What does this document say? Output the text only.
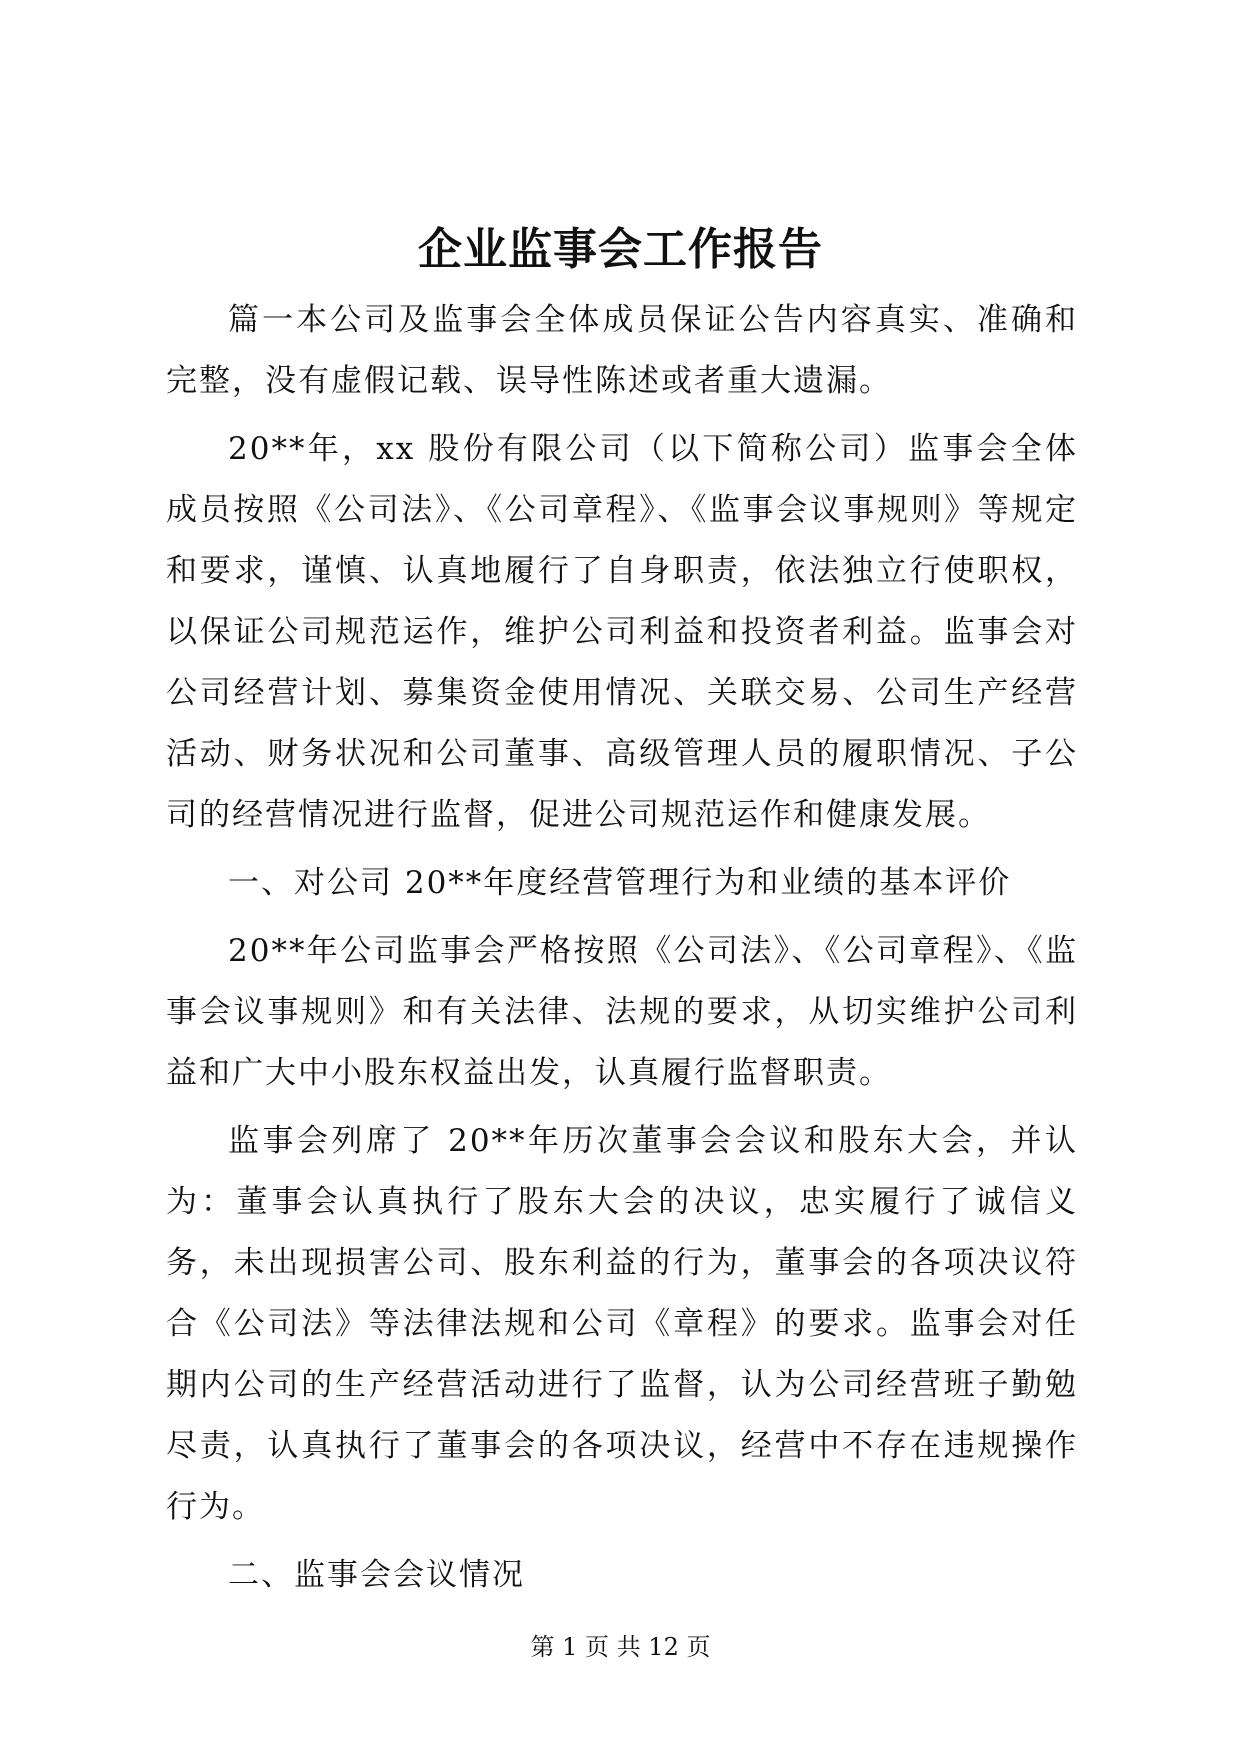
企业监事会工作报告

篇一本公司及监事会全体成员保证公告内容真实、准确和完整，没有虚假记载、误导性陈述或者重大遗漏。

20**年，xx 股份有限公司（以下简称公司）监事会全体成员按照《公司法》、《公司章程》、《监事会议事规则》等规定和要求，谨慎、认真地履行了自身职责，依法独立行使职权，以保证公司规范运作，维护公司利益和投资者利益。监事会对公司经营计划、募集资金使用情况、关联交易、公司生产经营活动、财务状况和公司董事、高级管理人员的履职情况、子公司的经营情况进行监督，促进公司规范运作和健康发展。

一、对公司 20**年度经营管理行为和业绩的基本评价

20**年公司监事会严格按照《公司法》、《公司章程》、《监事会议事规则》和有关法律、法规的要求，从切实维护公司利益和广大中小股东权益出发，认真履行监督职责。

监事会列席了 20**年历次董事会会议和股东大会，并认为：董事会认真执行了股东大会的决议，忠实履行了诚信义务，未出现损害公司、股东利益的行为，董事会的各项决议符合《公司法》等法律法规和公司《章程》的要求。监事会对任期内公司的生产经营活动进行了监督，认为公司经营班子勤勉尽责，认真执行了董事会的各项决议，经营中不存在违规操作行为。

二、监事会会议情况

第 1 页 共 12 页
